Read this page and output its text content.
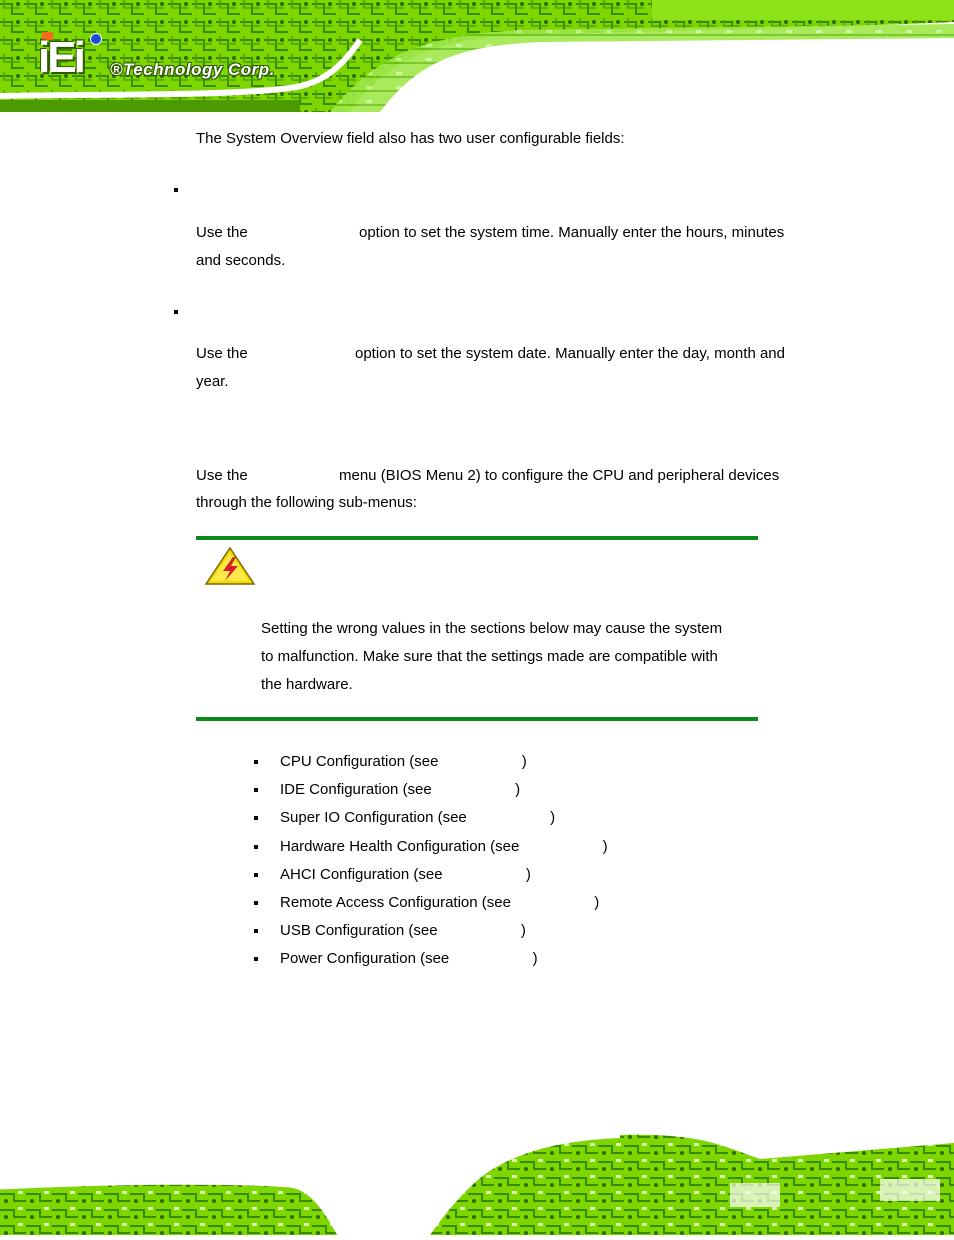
iEi ®Technology Corp.

The System Overview field also has two user configurable fields:

Use the	option to set the system time. Manually enter the hours, minutes

and seconds.

Use the	option to set the system date. Manually enter the day, month and

year.

Use the	menu (BIOS Menu 2) to configure the CPU and peripheral devices

through the following sub-menus:

Setting the wrong values in the sections below may cause the system

to malfunction. Make sure that the settings made are compatible with

the hardware.

CPU Configuration (see                    )
IDE Configuration (see                    )
Super IO Configuration (see                    )
Hardware Health Configuration (see                    )
AHCI Configuration (see                    )
Remote Access Configuration (see                    )
USB Configuration (see                    )
Power Configuration (see                    )
